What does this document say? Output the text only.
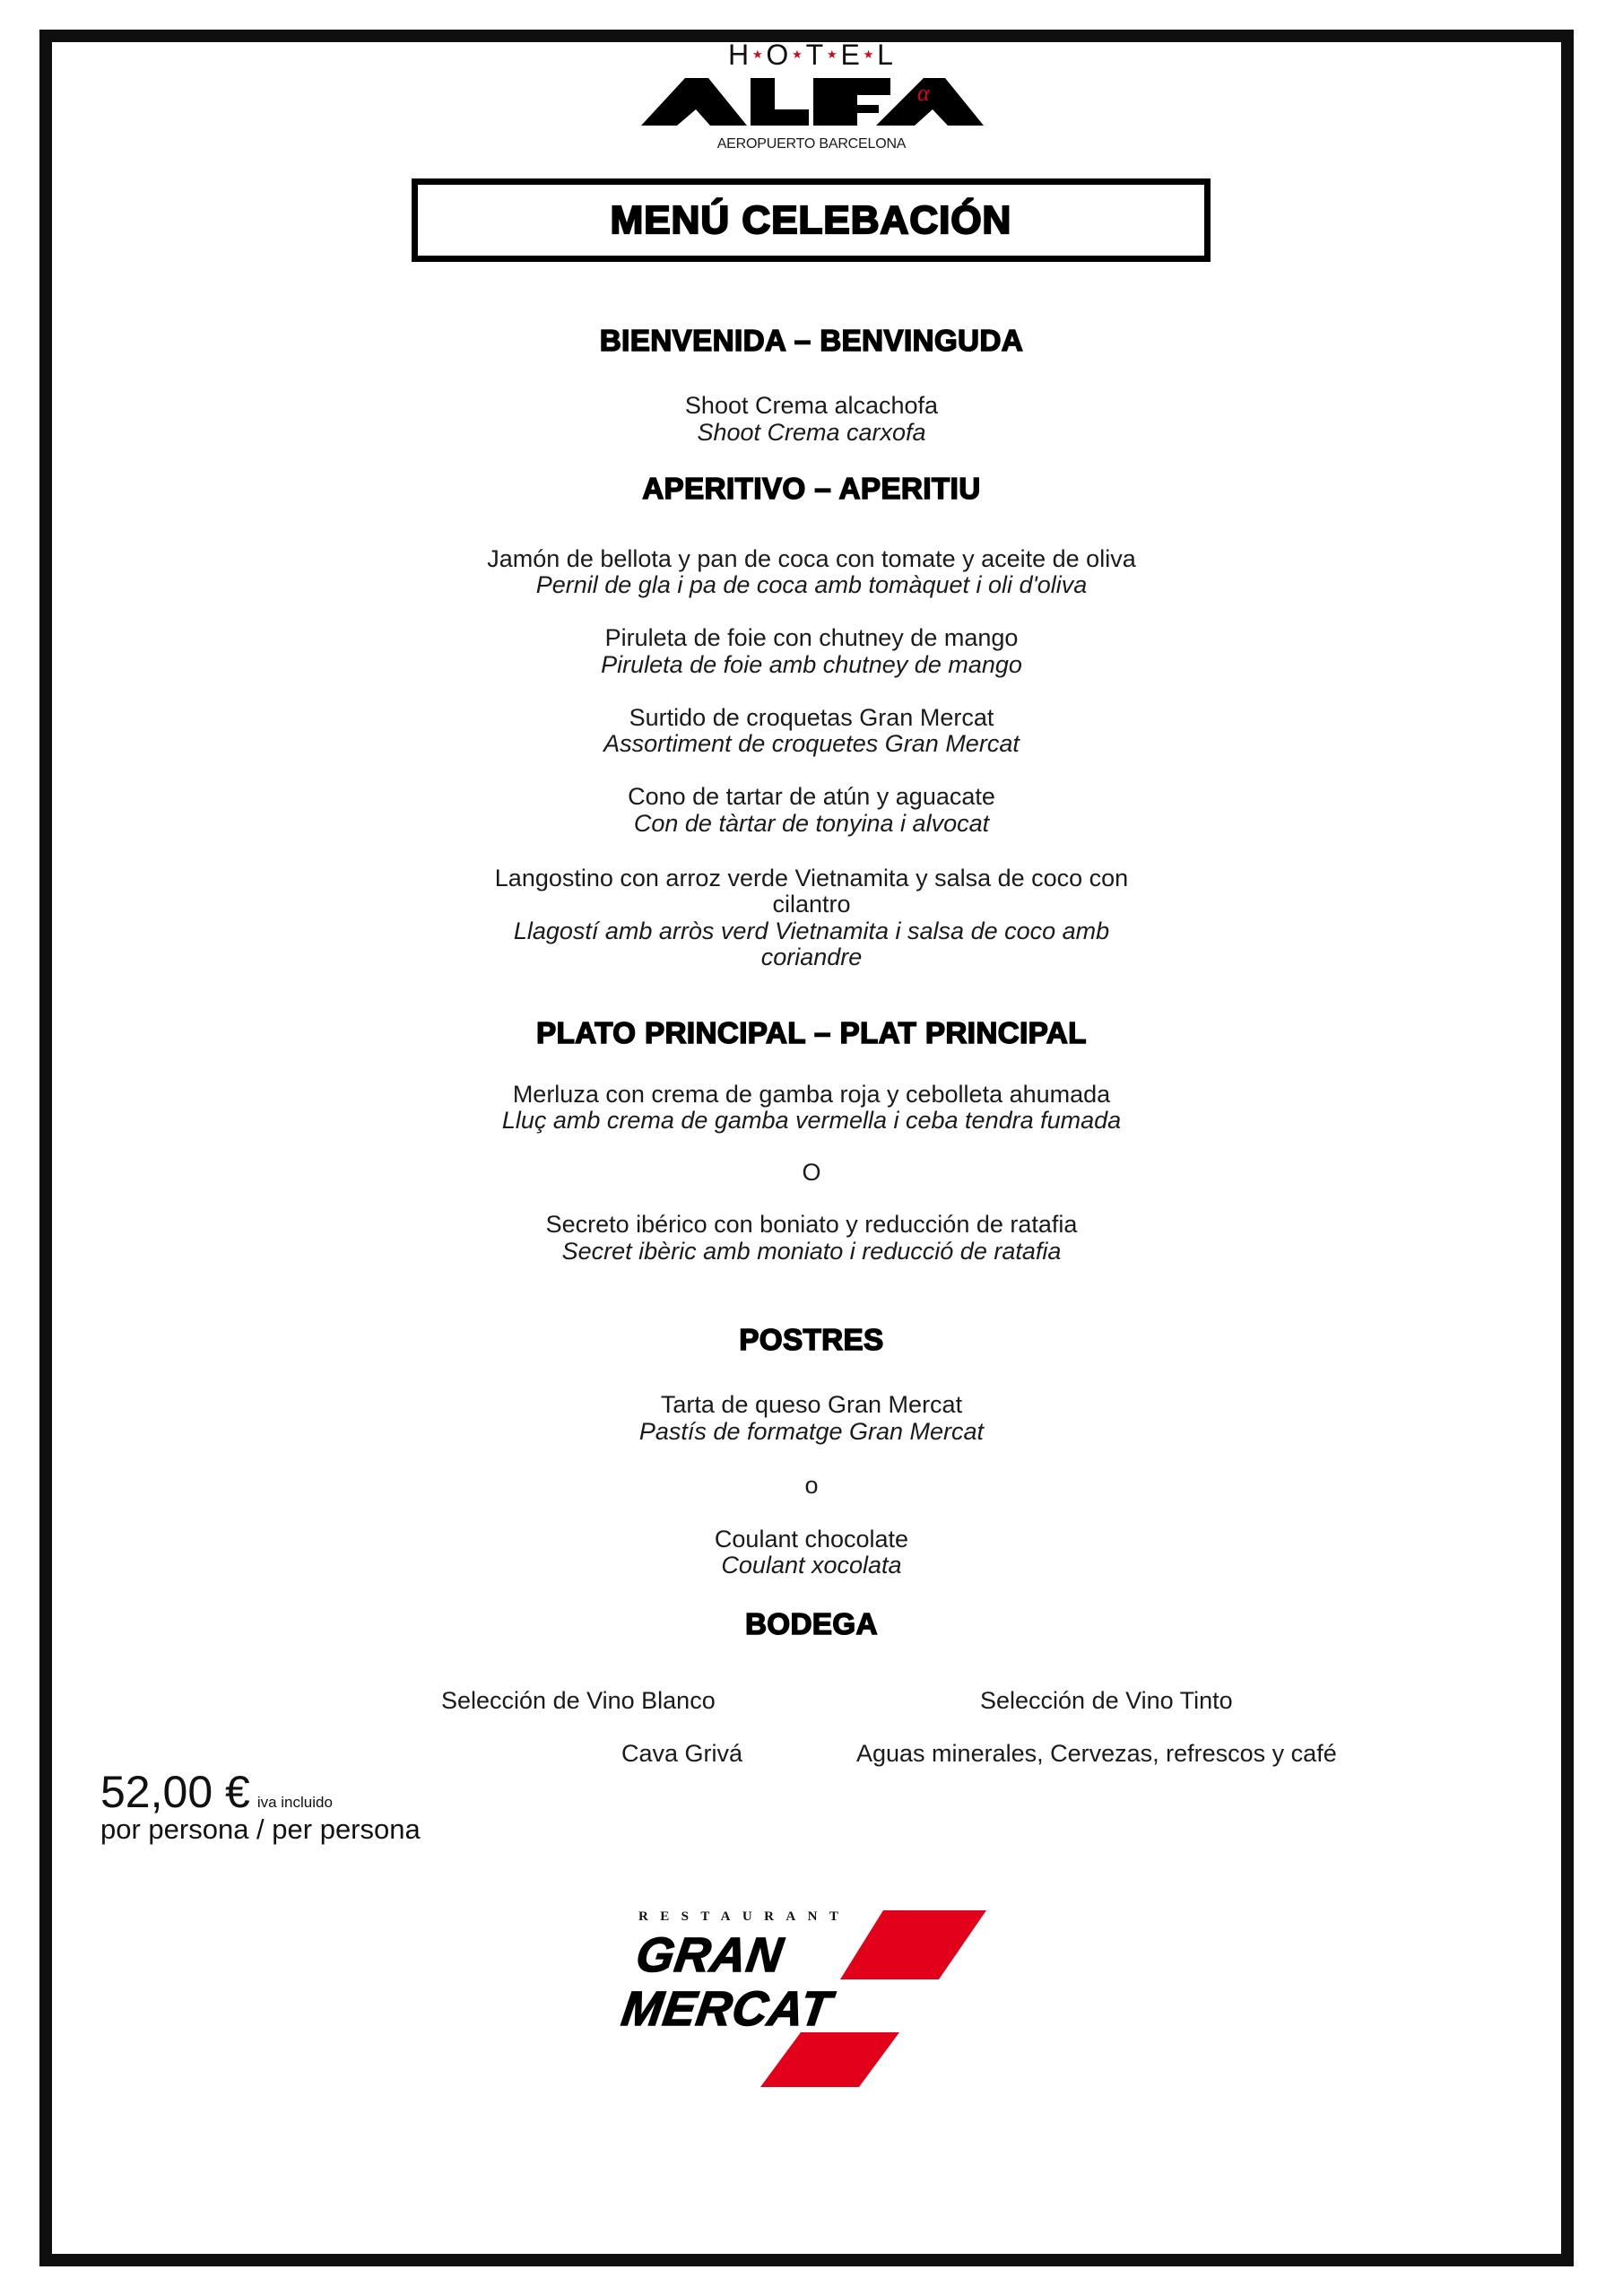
H ★ O ★ T ★ E ★ L
α
AEROPUERTO BARCELONA
MENÚ CELEBACIÓN
BIENVENIDA – BENVINGUDA
Shoot Crema alcachofa
Shoot Crema carxofa
APERITIVO – APERITIU
Jamón de bellota y pan de coca con tomate y aceite de oliva
Pernil de gla i pa de coca amb tomàquet i oli d'oliva
Piruleta de foie con chutney de mango
Piruleta de foie amb chutney de mango
Surtido de croquetas Gran Mercat
Assortiment de croquetes Gran Mercat
Cono de tartar de atún y aguacate
Con de tàrtar de tonyina i alvocat
Langostino con arroz verde Vietnamita y salsa de coco con
cilantro
Llagostí amb arròs verd Vietnamita i salsa de coco amb
coriandre
PLATO PRINCIPAL – PLAT PRINCIPAL
Merluza con crema de gamba roja y cebolleta ahumada
Lluç amb crema de gamba vermella i ceba tendra fumada
O
Secreto ibérico con boniato y reducción de ratafia
Secret ibèric amb moniato i reducció de ratafia
POSTRES
Tarta de queso Gran Mercat
Pastís de formatge Gran Mercat
o
Coulant chocolate
Coulant xocolata
BODEGA
Selección de Vino Blanco	Selección de Vino Tinto
Cava Grivá	Aguas minerales, Cervezas, refrescos y café
52,00 € iva incluido
por persona / per persona
RESTAURANT
GRAN
MERCAT
